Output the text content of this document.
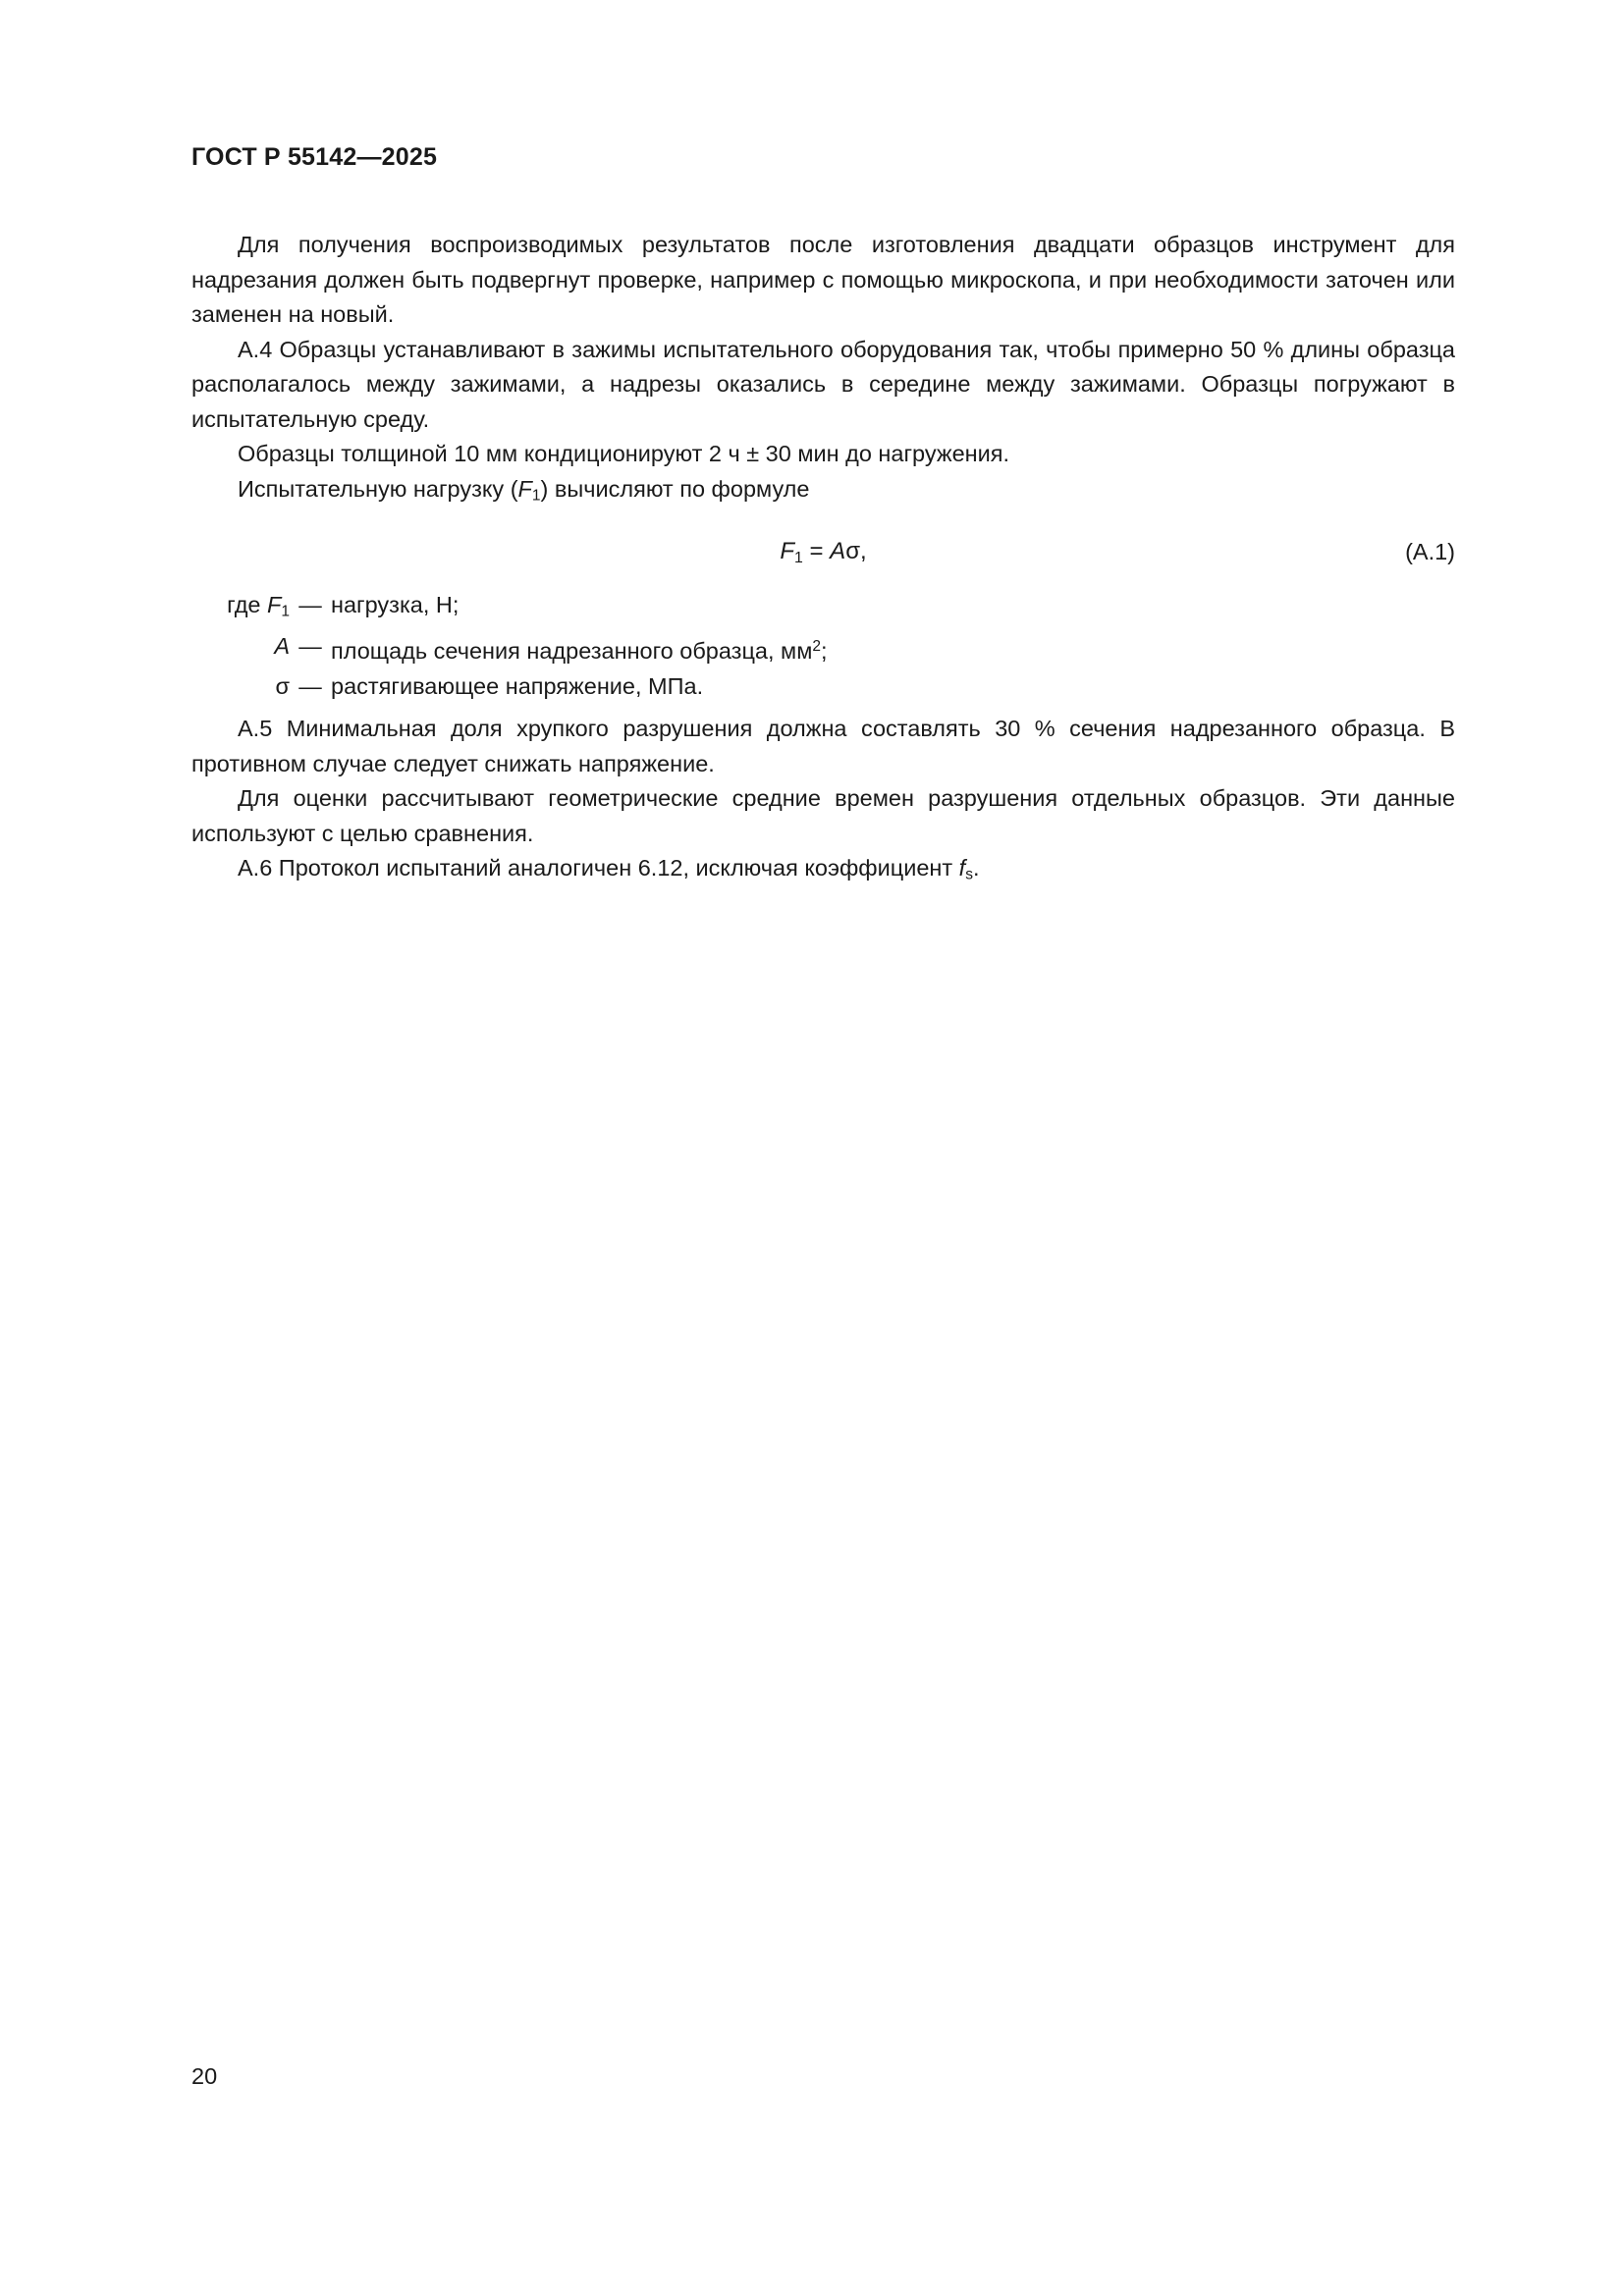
ГОСТ Р 55142—2025

Для получения воспроизводимых результатов после изготовления двадцати образцов инструмент для надрезания должен быть подвергнут проверке, например с помощью микроскопа, и при необходимости заточен или заменен на новый.

А.4 Образцы устанавливают в зажимы испытательного оборудования так, чтобы примерно 50 % длины образца располагалось между зажимами, а надрезы оказались в середине между зажимами. Образцы погружают в испытательную среду.

Образцы толщиной 10 мм кондиционируют 2 ч ± 30 мин до нагружения.

Испытательную нагрузку $(F_1)$ вычисляют по формуле

$F_1 = A\sigma$,	(А.1)
где $F_1$ — нагрузка, Н;
A — площадь сечения надрезанного образца, $мм^2$;
σ — растягивающее напряжение, МПа.

А.5 Минимальная доля хрупкого разрушения должна составлять 30 % сечения надрезанного образца. В противном случае следует снижать напряжение.

Для оценки рассчитывают геометрические средние времен разрушения отдельных образцов. Эти данные используют с целью сравнения.

А.6 Протокол испытаний аналогичен 6.12, исключая коэффициент $f_s$.

20
